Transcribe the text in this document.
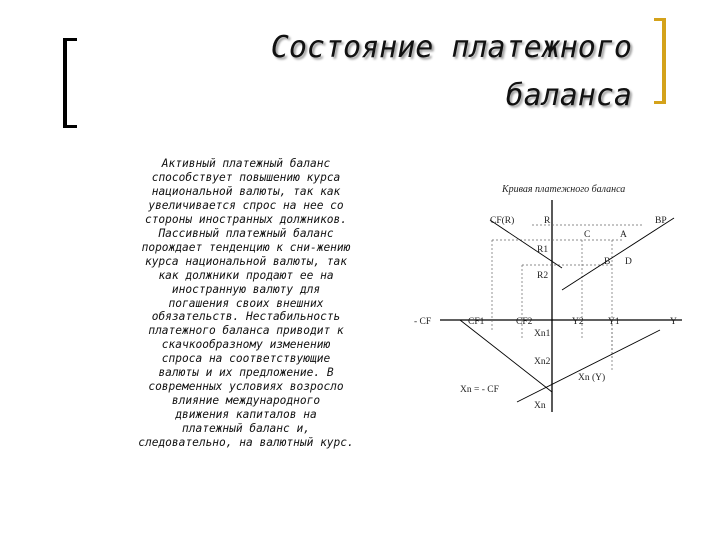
Состояние платежного
баланса
Активный платежный баланс
способствует повышению курса
национальной валюты, так как
увеличивается спрос на нее со
стороны иностранных должников.
Пассивный платежный баланс
порождает тенденцию к сни-жению
курса национальной валюты, так
как должники продают ее на
иностранную валюту для
погашения своих внешних
обязательств. Нестабильность
платежного баланса приводит к
скачкообразному изменению
спроса на соответствующие
валюты и их предложение. В
современных условиях возросло
влияние международного
движения капиталов на
платежный баланс и,
следовательно, на валютный курс.
Кривая платежного баланса
CF(R)	R	BP
C	A
R1
B D
R2
- CF	CF1	CF2
Xn1
Y2	Y1	Y
Xn2
Xn (Y)
Xn = - CF
Xn
